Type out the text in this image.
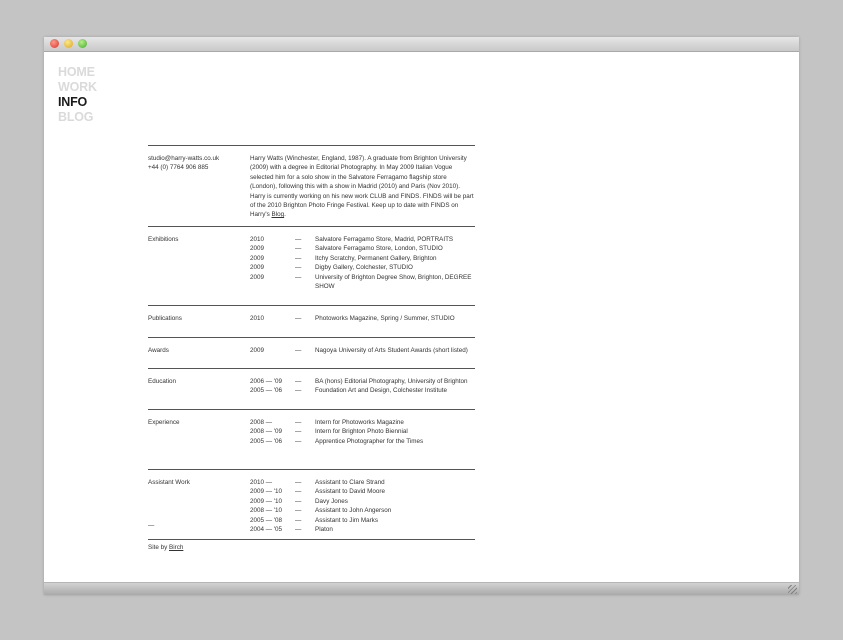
HOME
WORK
INFO
BLOG
studio@harry-watts.co.uk
+44 (0) 7764 906 885
Harry Watts (Winchester, England, 1987). A graduate from Brighton University (2009) with a degree in Editorial Photography. In May 2009 Italian Vogue selected him for a solo show in the Salvatore Ferragamo flagship store (London), following this with a show in Madrid (2010) and Paris (Nov 2010). Harry is currently working on his new work CLUB and FINDS. FINDS will be part of the 2010 Brighton Photo Fringe Festival. Keep up to date with FINDS on Harry's Blog.
Exhibitions	2010	— Salvatore Ferragamo Store, Madrid, PORTRAITS
2009	— Salvatore Ferragamo Store, London, STUDIO
2009	— Itchy Scratchy, Permanent Gallery, Brighton
2009	— Digby Gallery, Colchester, STUDIO
2009	— University of Brighton Degree Show, Brighton, DEGREE SHOW
Publications	2010	— Photoworks Magazine, Spring / Summer, STUDIO
Awards	2009	— Nagoya University of Arts Student Awards (short listed)
Education	2006 — '09 — BA (hons) Editorial Photography, University of Brighton
2005 — '06 — Foundation Art and Design, Colchester Institute
Experience	2008 —	— Intern for Photoworks Magazine
2008 — '09 — Intern for Brighton Photo Biennial
2005 — '06 — Apprentice Photographer for the Times
Assistant Work	2010 —	— Assistant to Clare Strand
2009 — '10 — Assistant to David Moore
2009 — '10 — Davy Jones
2008 — '10 — Assistant to John Angerson
2005 — '08 — Assistant to Jim Marks
2004 — '05 — Platon
—
Site by Birch
